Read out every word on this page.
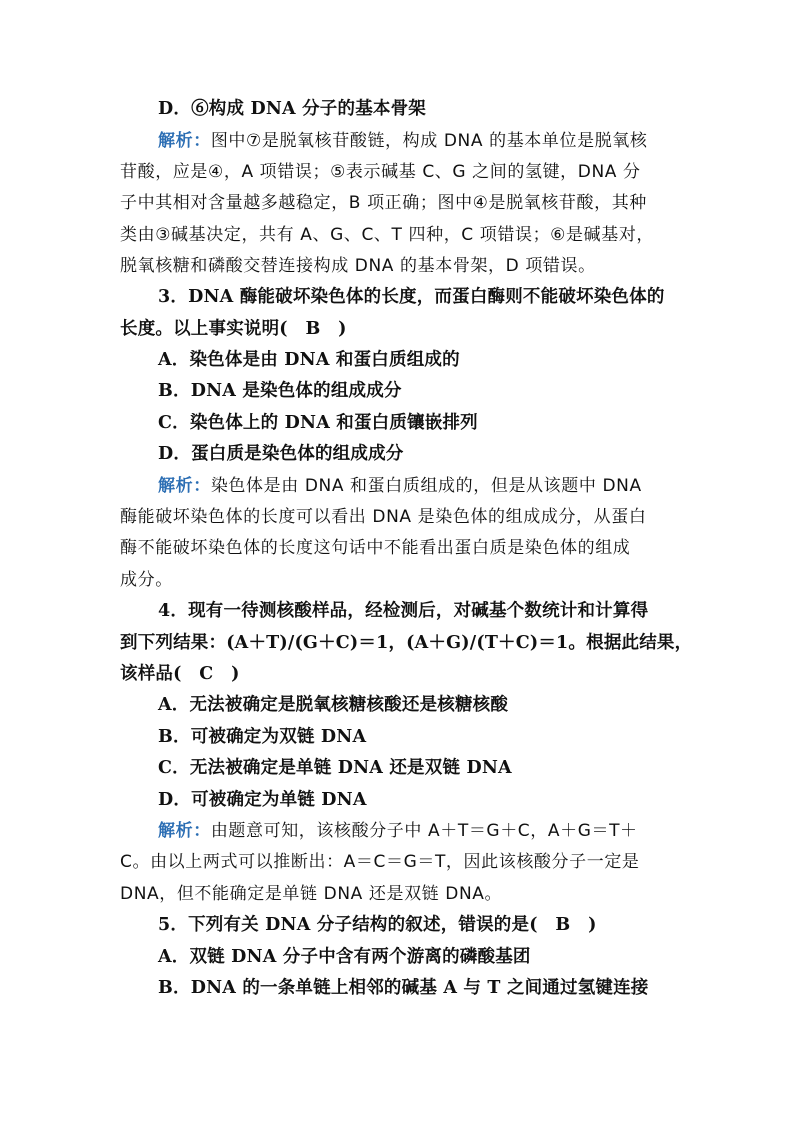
D．⑥构成 DNA 分子的基本骨架
解析：图中⑦是脱氧核苷酸链，构成 DNA 的基本单位是脱氧核
苷酸，应是④，A 项错误；⑤表示碱基 C、G 之间的氢键，DNA 分
子中其相对含量越多越稳定，B 项正确；图中④是脱氧核苷酸，其种
类由③碱基决定，共有 A、G、C、T 四种，C 项错误；⑥是碱基对，
脱氧核糖和磷酸交替连接构成 DNA 的基本骨架，D 项错误。
3．DNA 酶能破坏染色体的长度，而蛋白酶则不能破坏染色体的
长度。以上事实说明(　B　)
A．染色体是由 DNA 和蛋白质组成的
B．DNA 是染色体的组成成分
C．染色体上的 DNA 和蛋白质镶嵌排列
D．蛋白质是染色体的组成成分
解析：染色体是由 DNA 和蛋白质组成的，但是从该题中 DNA
酶能破坏染色体的长度可以看出 DNA 是染色体的组成成分，从蛋白
酶不能破坏染色体的长度这句话中不能看出蛋白质是染色体的组成
成分。
4．现有一待测核酸样品，经检测后，对碱基个数统计和计算得
到下列结果：(A＋T)/(G＋C)＝1，(A＋G)/(T＋C)＝1。根据此结果，
该样品(　C　)
A．无法被确定是脱氧核糖核酸还是核糖核酸
B．可被确定为双链 DNA
C．无法被确定是单链 DNA 还是双链 DNA
D．可被确定为单链 DNA
解析：由题意可知，该核酸分子中 A＋T＝G＋C，A＋G＝T＋
C。由以上两式可以推断出：A＝C＝G＝T，因此该核酸分子一定是
DNA，但不能确定是单链 DNA 还是双链 DNA。
5．下列有关 DNA 分子结构的叙述，错误的是(　B　)
A．双链 DNA 分子中含有两个游离的磷酸基团
B．DNA 的一条单链上相邻的碱基 A 与 T 之间通过氢键连接
